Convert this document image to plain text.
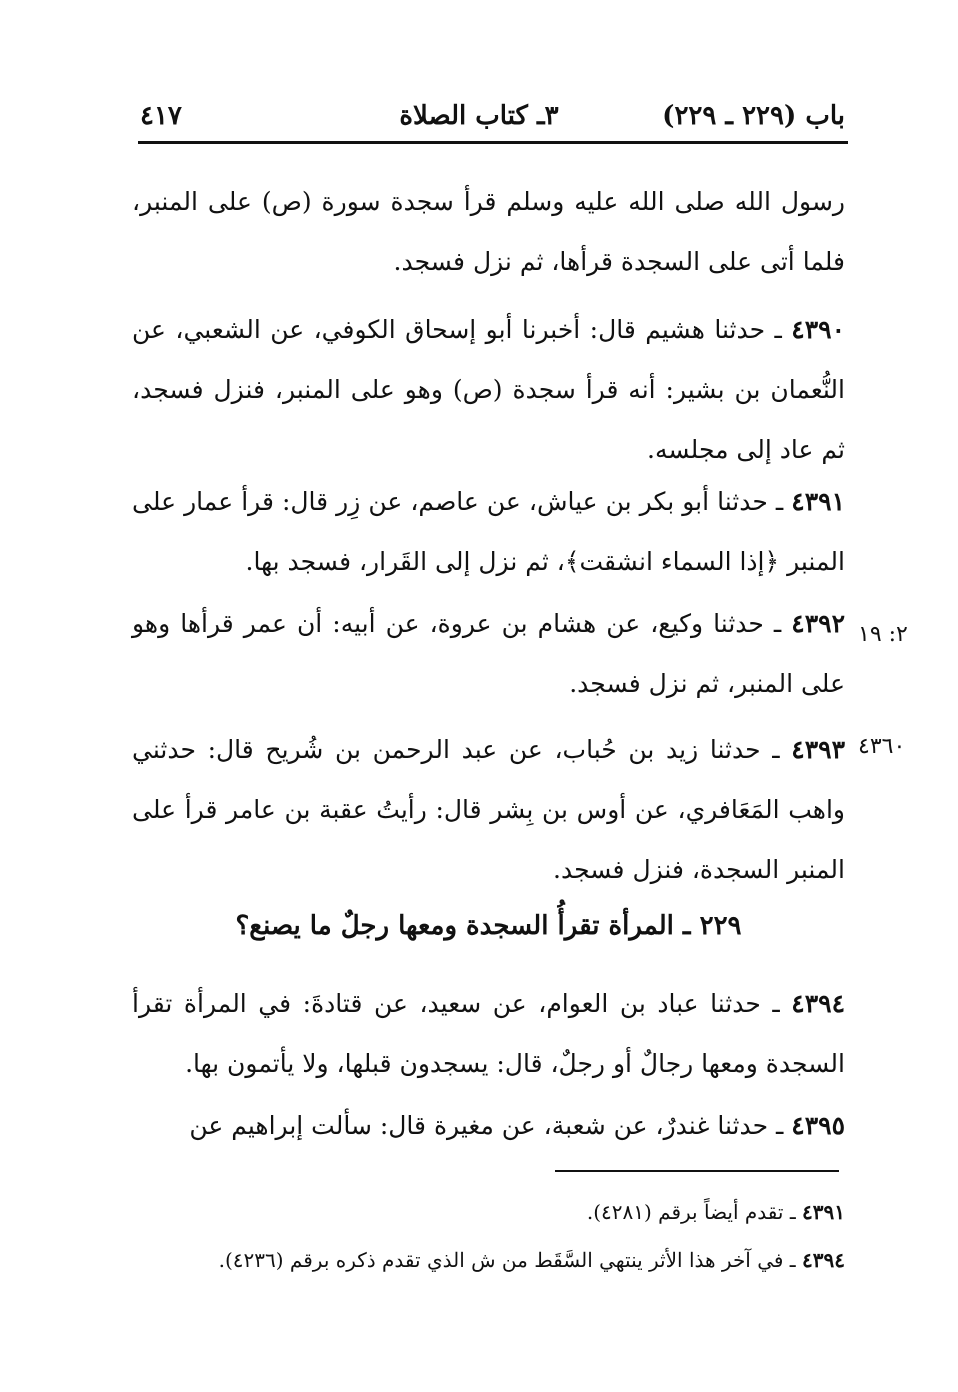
باب (٢٢٩ ـ ٢٢٩)
٣ـ كتاب الصلاة
٤١٧
رسول الله صلى الله عليه وسلم قرأ سجدة سورة (ص) على المنبر، فلما أتى على السجدة قرأها، ثم نزل فسجد.
٤٣٩٠ ـ حدثنا هشيم قال: أخبرنا أبو إسحاق الكوفي، عن الشعبي، عن النُّعمان بن بشير: أنه قرأ سجدة (ص) وهو على المنبر، فنزل فسجد، ثم عاد إلى مجلسه.
٤٣٩١ ـ حدثنا أبو بكر بن عياش، عن عاصم، عن زِر قال: قرأ عمار على المنبر ﴿إذا السماء انشقت﴾، ثم نزل إلى القَرار، فسجد بها.
٤٣٩٢ ـ حدثنا وكيع، عن هشام بن عروة، عن أبيه: أن عمر قرأها وهو على المنبر، ثم نزل فسجد.
٢: ١٩
٤٣٩٣ ـ حدثنا زيد بن حُباب، عن عبد الرحمن بن شُريح قال: حدثني واهب المَعَافري، عن أوس بن بِشر قال: رأيتُ عقبة بن عامر قرأ على المنبر السجدة، فنزل فسجد.
٤٣٦٠
٢٢٩ ـ المرأة تقرأُ السجدة ومعها رجلٌ ما يصنع؟
٤٣٩٤ ـ حدثنا عباد بن العوام، عن سعيد، عن قتادةَ: في المرأة تقرأ السجدة ومعها رجالٌ أو رجلٌ، قال: يسجدون قبلها، ولا يأتمون بها.
٤٣٩٥ ـ حدثنا غندرٌ، عن شعبة، عن مغيرة قال: سألت إبراهيم عن
٤٣٩١ ـ تقدم أيضاً برقم (٤٢٨١).
٤٣٩٤ ـ في آخر هذا الأثر ينتهي السَّقَط من ش الذي تقدم ذكره برقم (٤٢٣٦).
